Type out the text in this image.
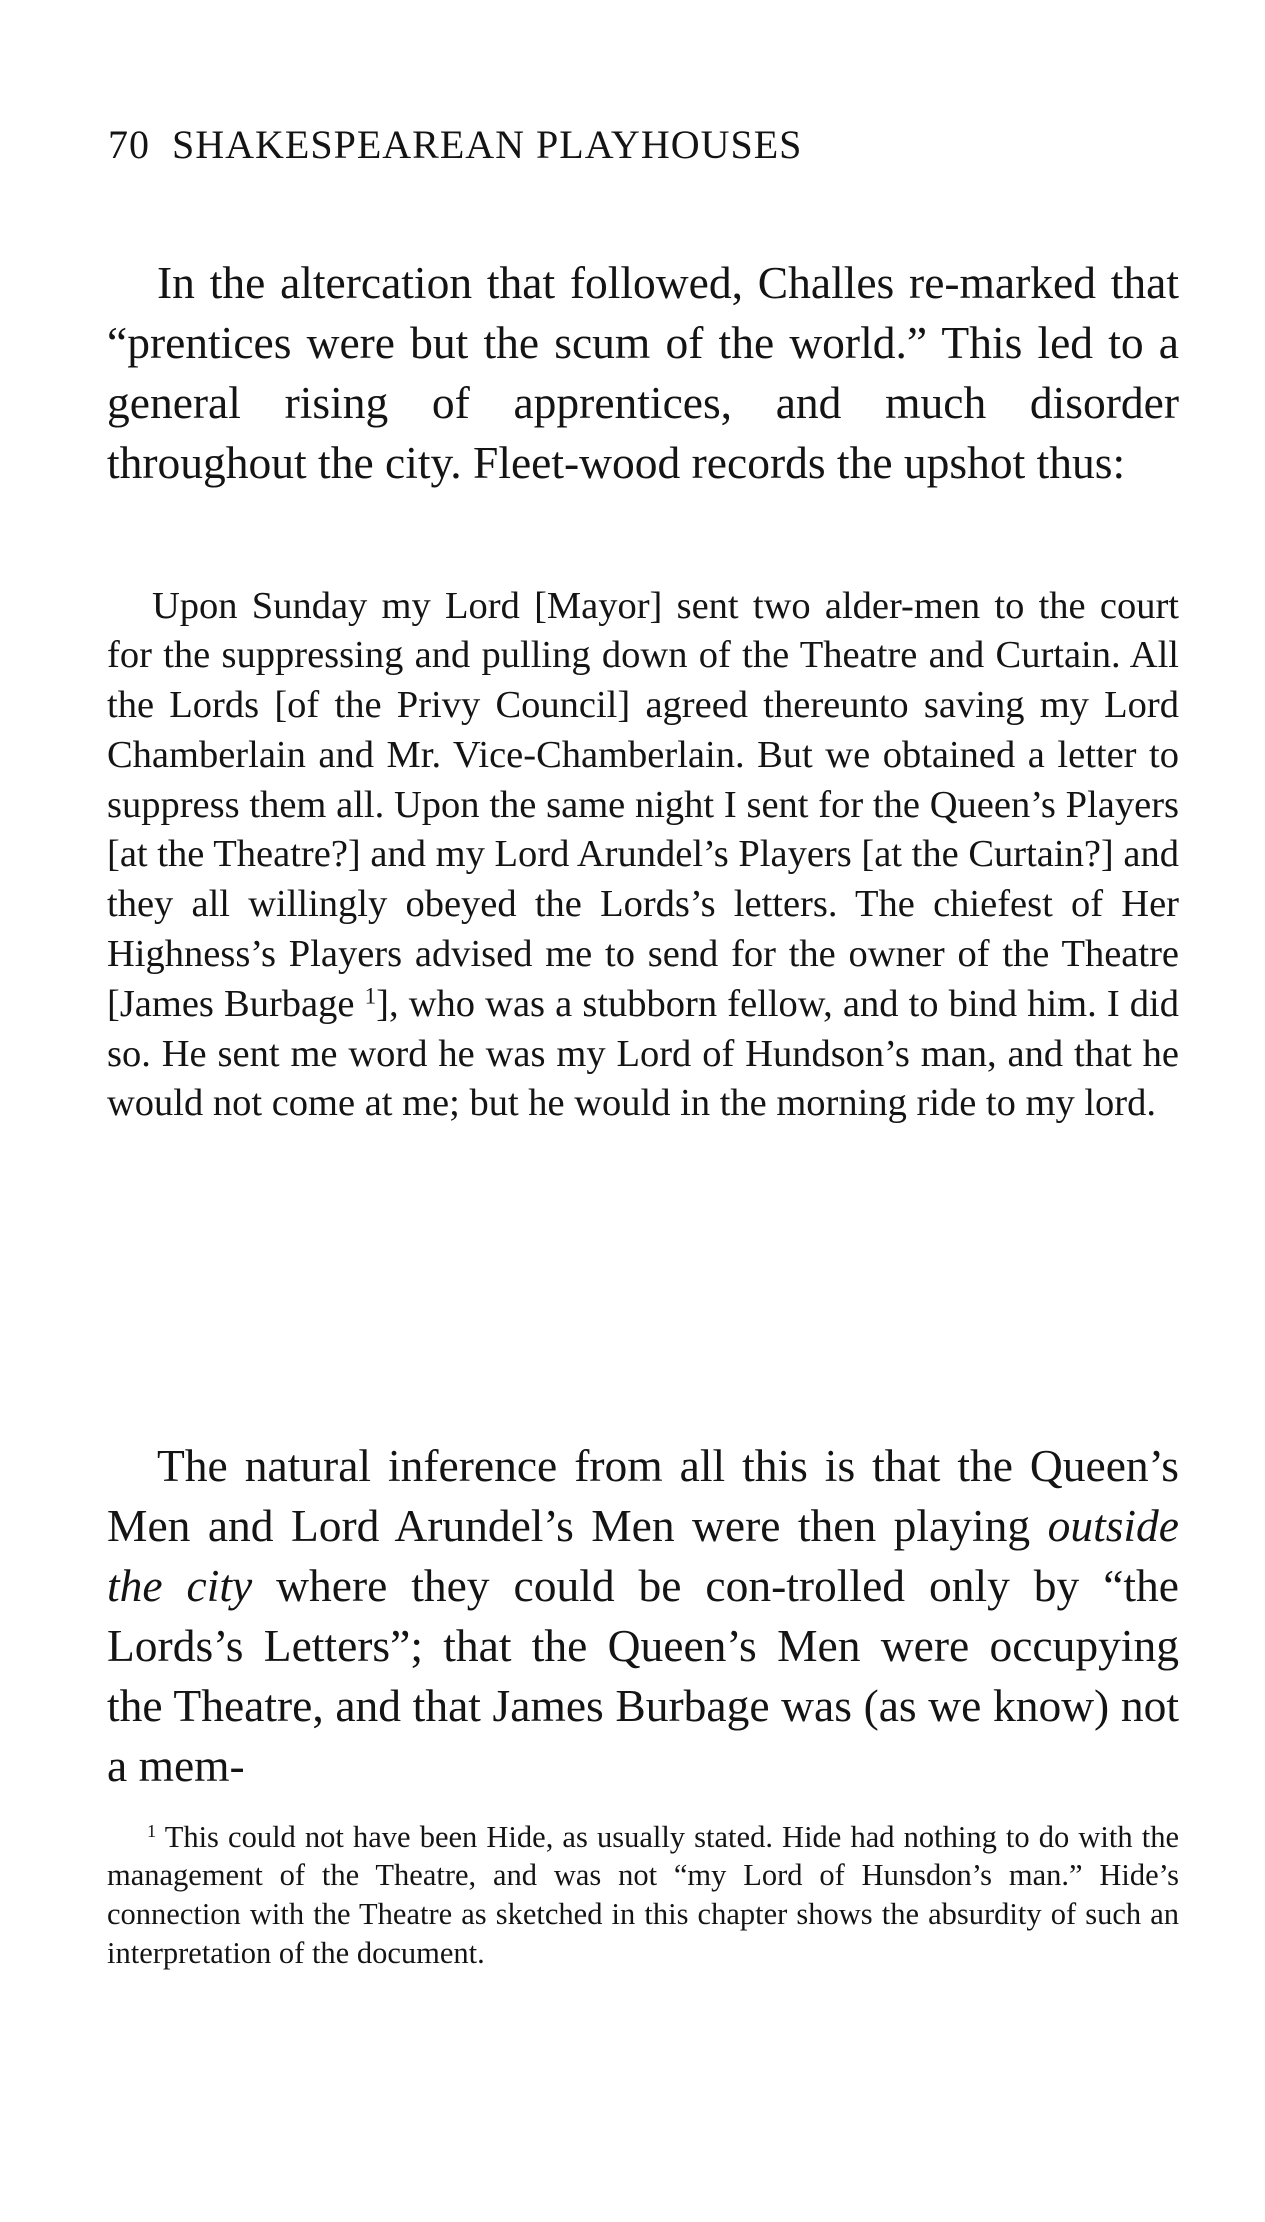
70 SHAKESPEAREAN PLAYHOUSES

In the altercation that followed, Challes re-marked that “prentices were but the scum of the world.” This led to a general rising of apprentices, and much disorder throughout the city. Fleet-wood records the upshot thus:

Upon Sunday my Lord [Mayor] sent two alder-men to the court for the suppressing and pulling down of the Theatre and Curtain. All the Lords [of the Privy Council] agreed thereunto saving my Lord Chamberlain and Mr. Vice-Chamberlain. But we obtained a letter to suppress them all. Upon the same night I sent for the Queen’s Players [at the Theatre?] and my Lord Arundel’s Players [at the Curtain?] and they all willingly obeyed the Lords’s letters. The chiefest of Her Highness’s Players advised me to send for the owner of the Theatre [James Burbage $^1$], who was a stubborn fellow, and to bind him. I did so. He sent me word he was my Lord of Hundson’s man, and that he would not come at me; but he would in the morning ride to my lord.

The natural inference from all this is that the Queen’s Men and Lord Arundel’s Men were then playing outside the city where they could be con-trolled only by “the Lords’s Letters”; that the Queen’s Men were occupying the Theatre, and that James Burbage was (as we know) not a mem-

$^1$ This could not have been Hide, as usually stated. Hide had nothing to do with the management of the Theatre, and was not “my Lord of Hunsdon’s man.” Hide’s connection with the Theatre as sketched in this chapter shows the absurdity of such an interpretation of the document.
